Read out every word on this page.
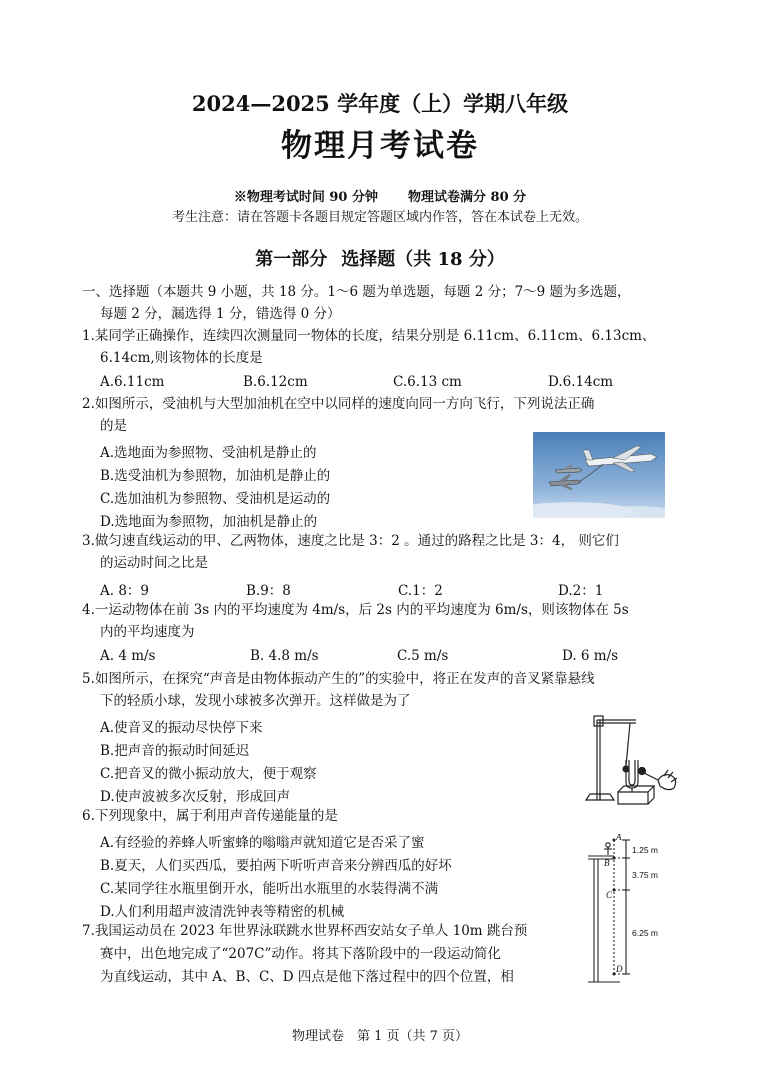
2024—2025 学年度（上）学期八年级
物理月考试卷
※物理考试时间 90 分钟 物理试卷满分 80 分
考生注意：请在答题卡各题目规定答题区域内作答，答在本试卷上无效。
第一部分 选择题（共 18 分）
一、选择题（本题共 9 小题，共 18 分。1～6 题为单选题，每题 2 分；7～9 题为多选题，
每题 2 分，漏选得 1 分，错选得 0 分）
1.某同学正确操作，连续四次测量同一物体的长度，结果分别是 6.11cm、6.11cm、6.13cm、
6.14cm,则该物体的长度是
A.6.11cm	B.6.12cm	C.6.13 cm	D.6.14cm
2.如图所示，受油机与大型加油机在空中以同样的速度向同一方向飞行，下列说法正确
的是
A.选地面为参照物、受油机是静止的
B.选受油机为参照物，加油机是静止的
C.选加油机为参照物、受油机是运动的
D.选地面为参照物，加油机是静止的
3.做匀速直线运动的甲、乙两物体，速度之比是 3：2 。通过的路程之比是 3：4， 则它们
的运动时间之比是
A. 8：9	B.9：8	C.1：2	D.2：1
4.一运动物体在前 3s 内的平均速度为 4m/s，后 2s 内的平均速度为 6m/s，则该物体在 5s
内的平均速度为
A. 4 m/s	B. 4.8 m/s	C.5 m/s	D. 6 m/s
5.如图所示，在探究“声音是由物体振动产生的”的实验中，将正在发声的音叉紧靠悬线
下的轻质小球，发现小球被多次弹开。这样做是为了
A.使音叉的振动尽快停下来
B.把声音的振动时间延迟
C.把音叉的微小振动放大，便于观察
D.使声波被多次反射，形成回声
6.下列现象中，属于利用声音传递能量的是
A.有经验的养蜂人听蜜蜂的嗡嗡声就知道它是否采了蜜
B.夏天，人们买西瓜，要拍两下听听声音来分辨西瓜的好坏
C.某同学往水瓶里倒开水，能听出水瓶里的水装得满不满
D.人们利用超声波清洗钟表等精密的机械
A
B
C
D
1.25 m
3.75 m
6.25 m
7.我国运动员在 2023 年世界泳联跳水世界杯西安站女子单人 10m 跳台预
赛中，出色地完成了“207C”动作。将其下落阶段中的一段运动简化
为直线运动，其中 A、B、C、D 四点是他下落过程中的四个位置，相
物理试卷　第 1 页（共 7 页）
